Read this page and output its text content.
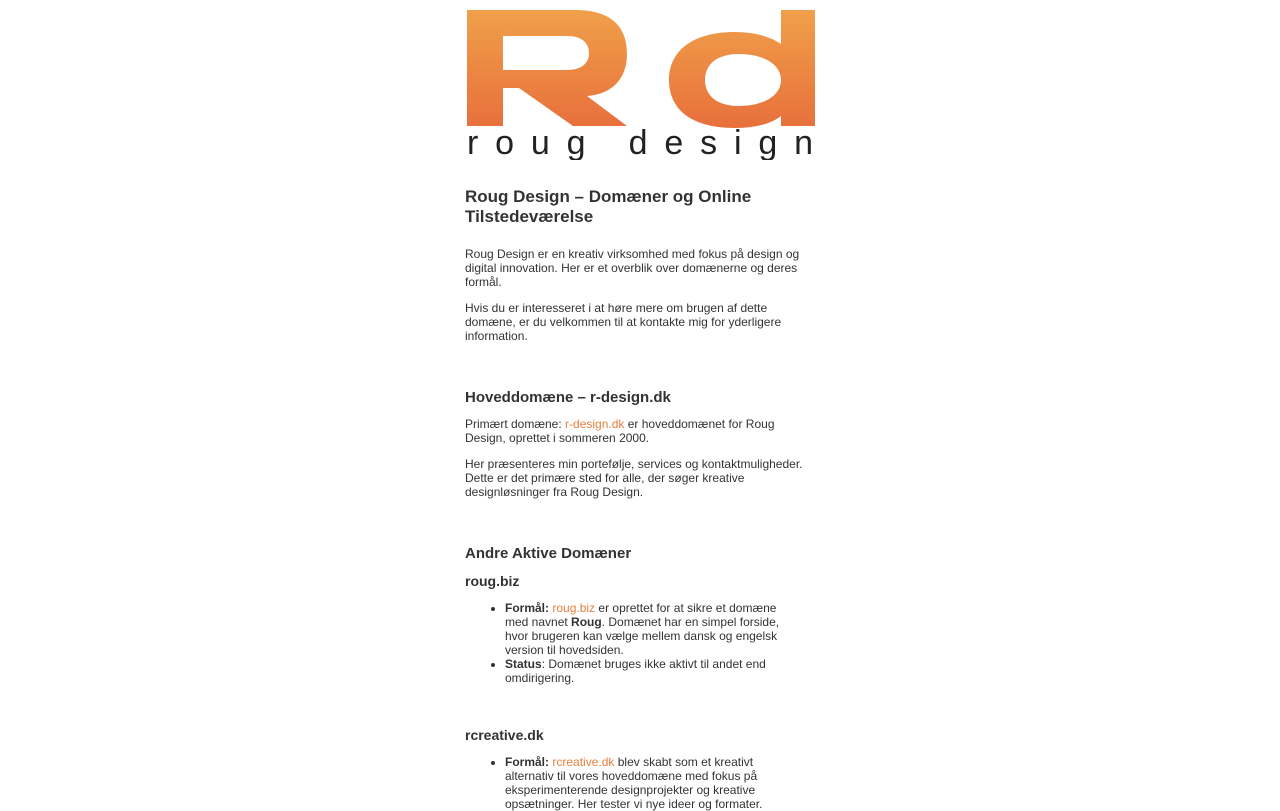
roug design
Roug Design – Domæner og Online Tilstedeværelse

Roug Design er en kreativ virksomhed med fokus på design og digital innovation. Her er et overblik over domænerne og deres formål.

Hvis du er interesseret i at høre mere om brugen af dette domæne, er du velkommen til at kontakte mig for yderligere information.

Hoveddomæne – r-design.dk

Primært domæne: r-design.dk er hoveddomænet for Roug Design, oprettet i sommeren 2000.

Her præsenteres min portefølje, services og kontaktmuligheder. Dette er det primære sted for alle, der søger kreative designløsninger fra Roug Design.

Andre Aktive Domæner
roug.biz
• Formål: roug.biz er oprettet for at sikre et domæne med navnet Roug. Domænet har en simpel forside, hvor brugeren kan vælge mellem dansk og engelsk version til hovedsiden.
• Status: Domænet bruges ikke aktivt til andet end omdirigering.
rcreative.dk
• Formål: rcreative.dk blev skabt som et kreativt alternativ til vores hoveddomæne med fokus på eksperimenterende designprojekter og kreative opsætninger. Her tester vi nye ideer og formater.
